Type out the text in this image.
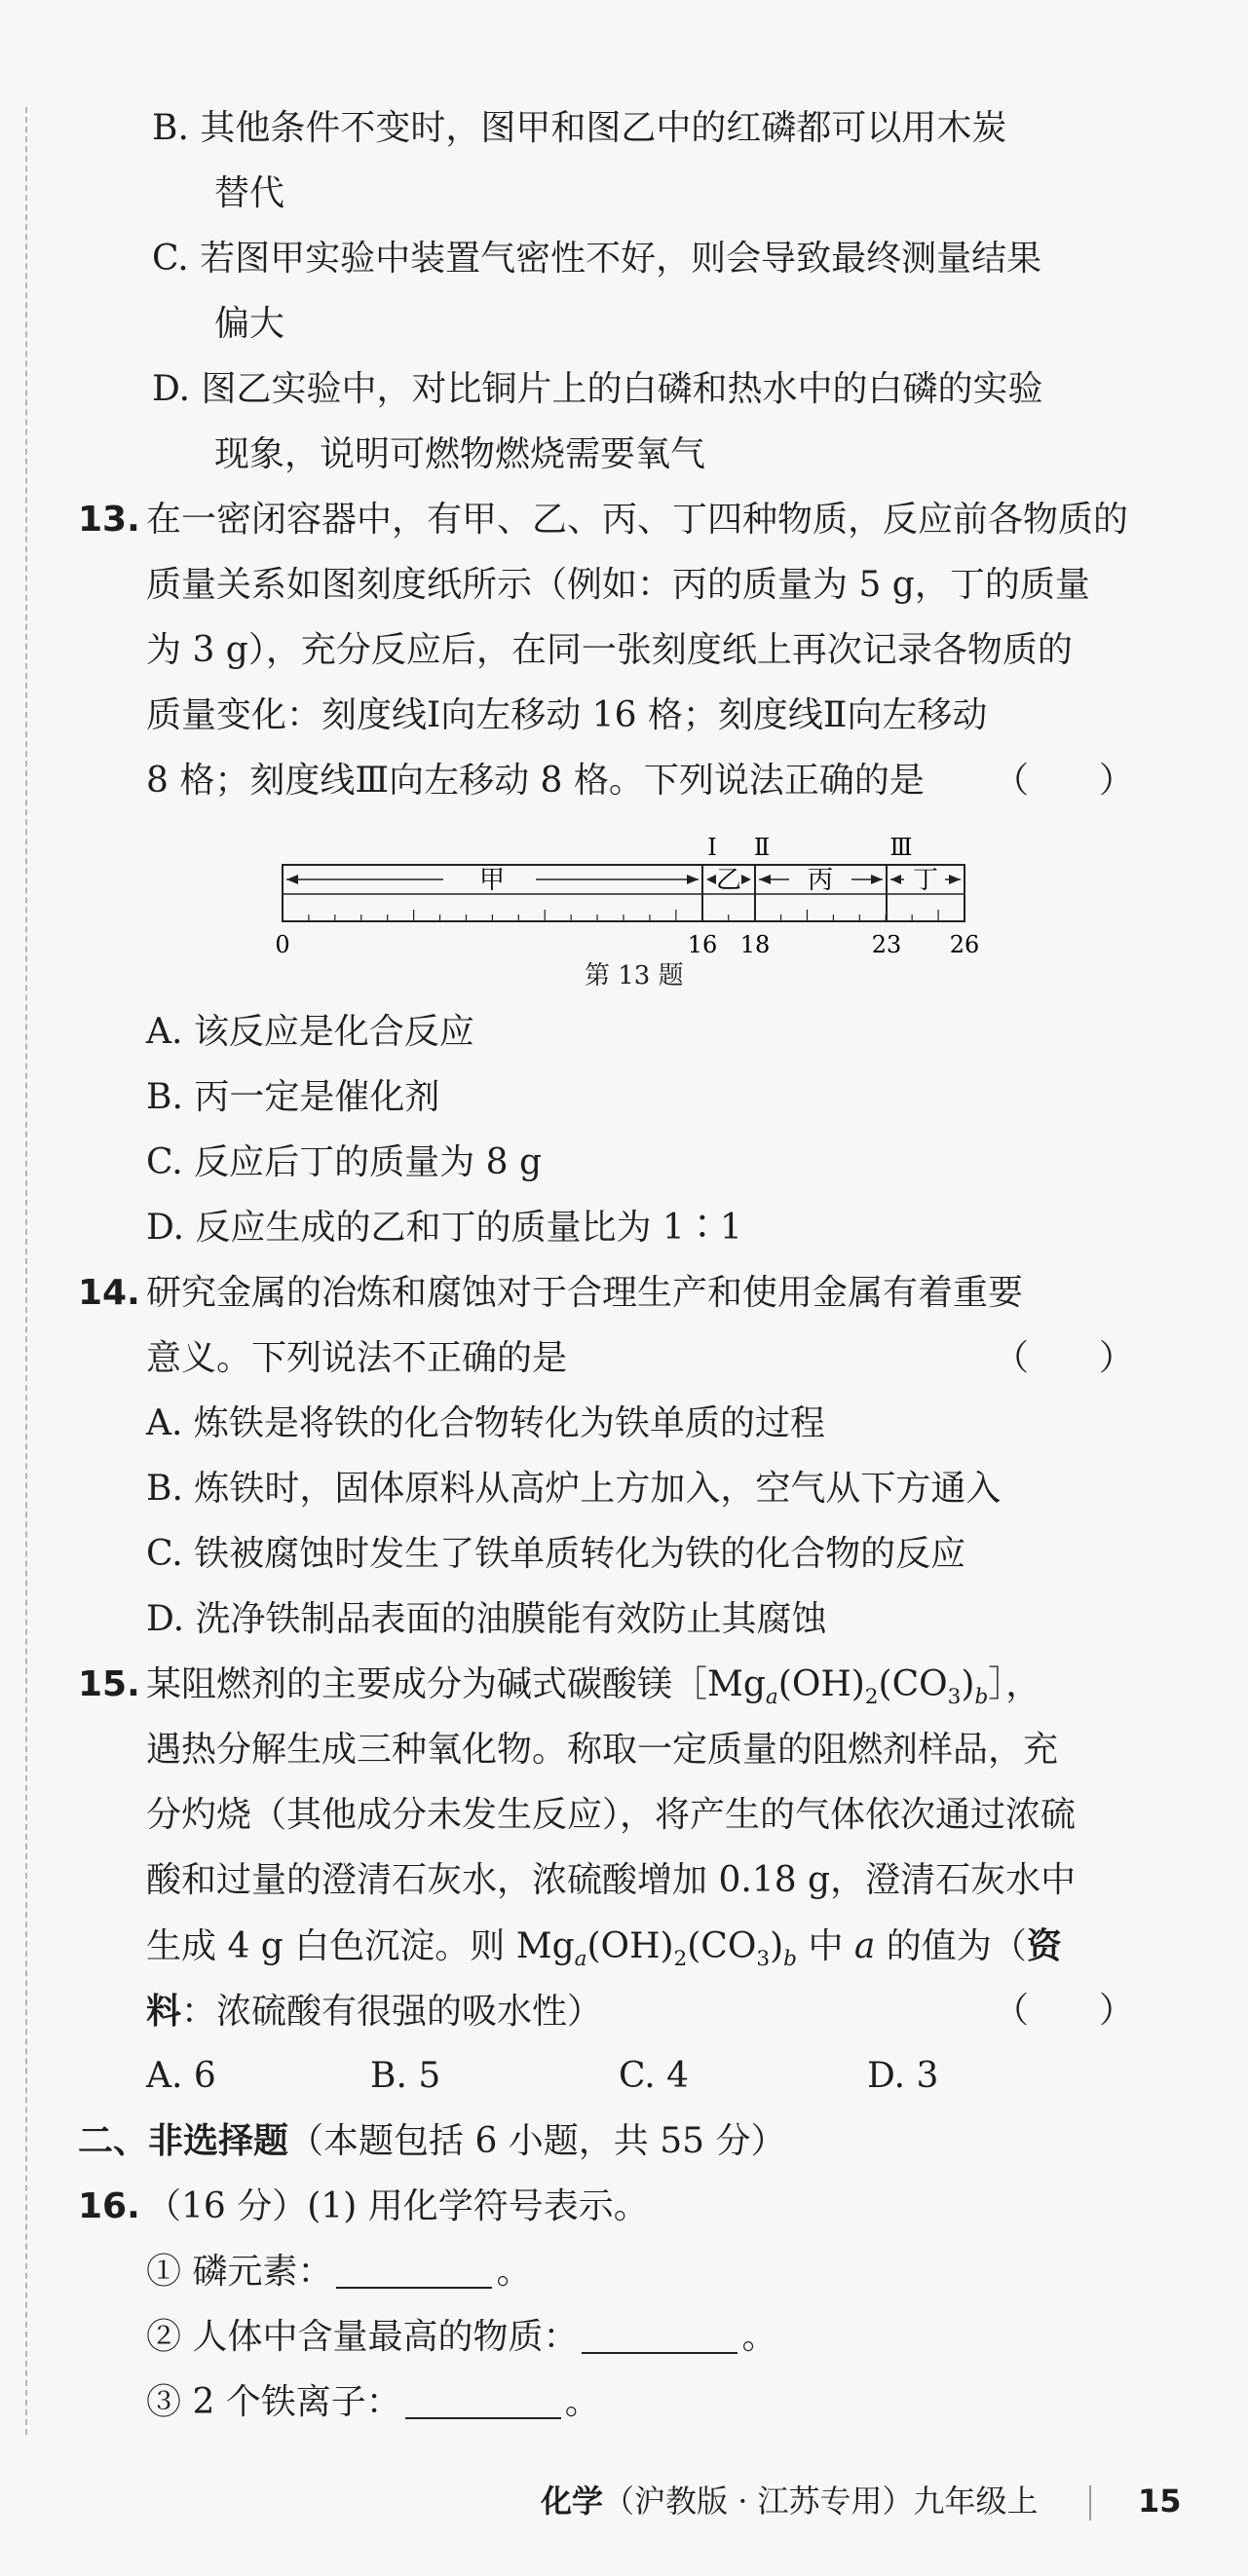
B. 其他条件不变时，图甲和图乙中的红磷都可以用木炭
替代
C. 若图甲实验中装置气密性不好，则会导致最终测量结果
偏大
D. 图乙实验中，对比铜片上的白磷和热水中的白磷的实验
现象，说明可燃物燃烧需要氧气
13. 在一密闭容器中，有甲、乙、丙、丁四种物质，反应前各物质的
质量关系如图刻度纸所示（例如：丙的质量为 5 g，丁的质量
为 3 g），充分反应后，在同一张刻度纸上再次记录各物质的
质量变化：刻度线Ⅰ向左移动 16 格；刻度线Ⅱ向左移动
8 格；刻度线Ⅲ向左移动 8 格。下列说法正确的是 （　　）
Ⅰ Ⅱ	Ⅲ
甲	乙	丙	丁
0	16 18	23 26
第 13 题
A. 该反应是化合反应
B. 丙一定是催化剂
C. 反应后丁的质量为 8 g
D. 反应生成的乙和丁的质量比为 1∶1
14. 研究金属的冶炼和腐蚀对于合理生产和使用金属有着重要
意义。下列说法不正确的是	（　　）
A. 炼铁是将铁的化合物转化为铁单质的过程
B. 炼铁时，固体原料从高炉上方加入，空气从下方通入
C. 铁被腐蚀时发生了铁单质转化为铁的化合物的反应
D. 洗净铁制品表面的油膜能有效防止其腐蚀
15. 某阻燃剂的主要成分为碱式碳酸镁$[Mg_a(OH)_2(CO_3)_b]$，
遇热分解生成三种氧化物。称取一定质量的阻燃剂样品，充
分灼烧（其他成分未发生反应），将产生的气体依次通过浓硫
酸和过量的澄清石灰水，浓硫酸增加 0.18 g，澄清石灰水中
生成 4 g 白色沉淀。则 $Mg_a(OH)_2(CO_3)_b$ 中 a 的值为（资
料：浓硫酸有很强的吸水性）	（　　）
A. 6	B. 5	C. 4	D. 3
二、非选择题（本题包括 6 小题，共 55 分）
16. （16 分）(1) 用化学符号表示。
① 磷元素：	。
② 人体中含量最高的物质：	。
③ 2 个铁离子：	。
化学（沪教版 · 江苏专用）九年级上	15
